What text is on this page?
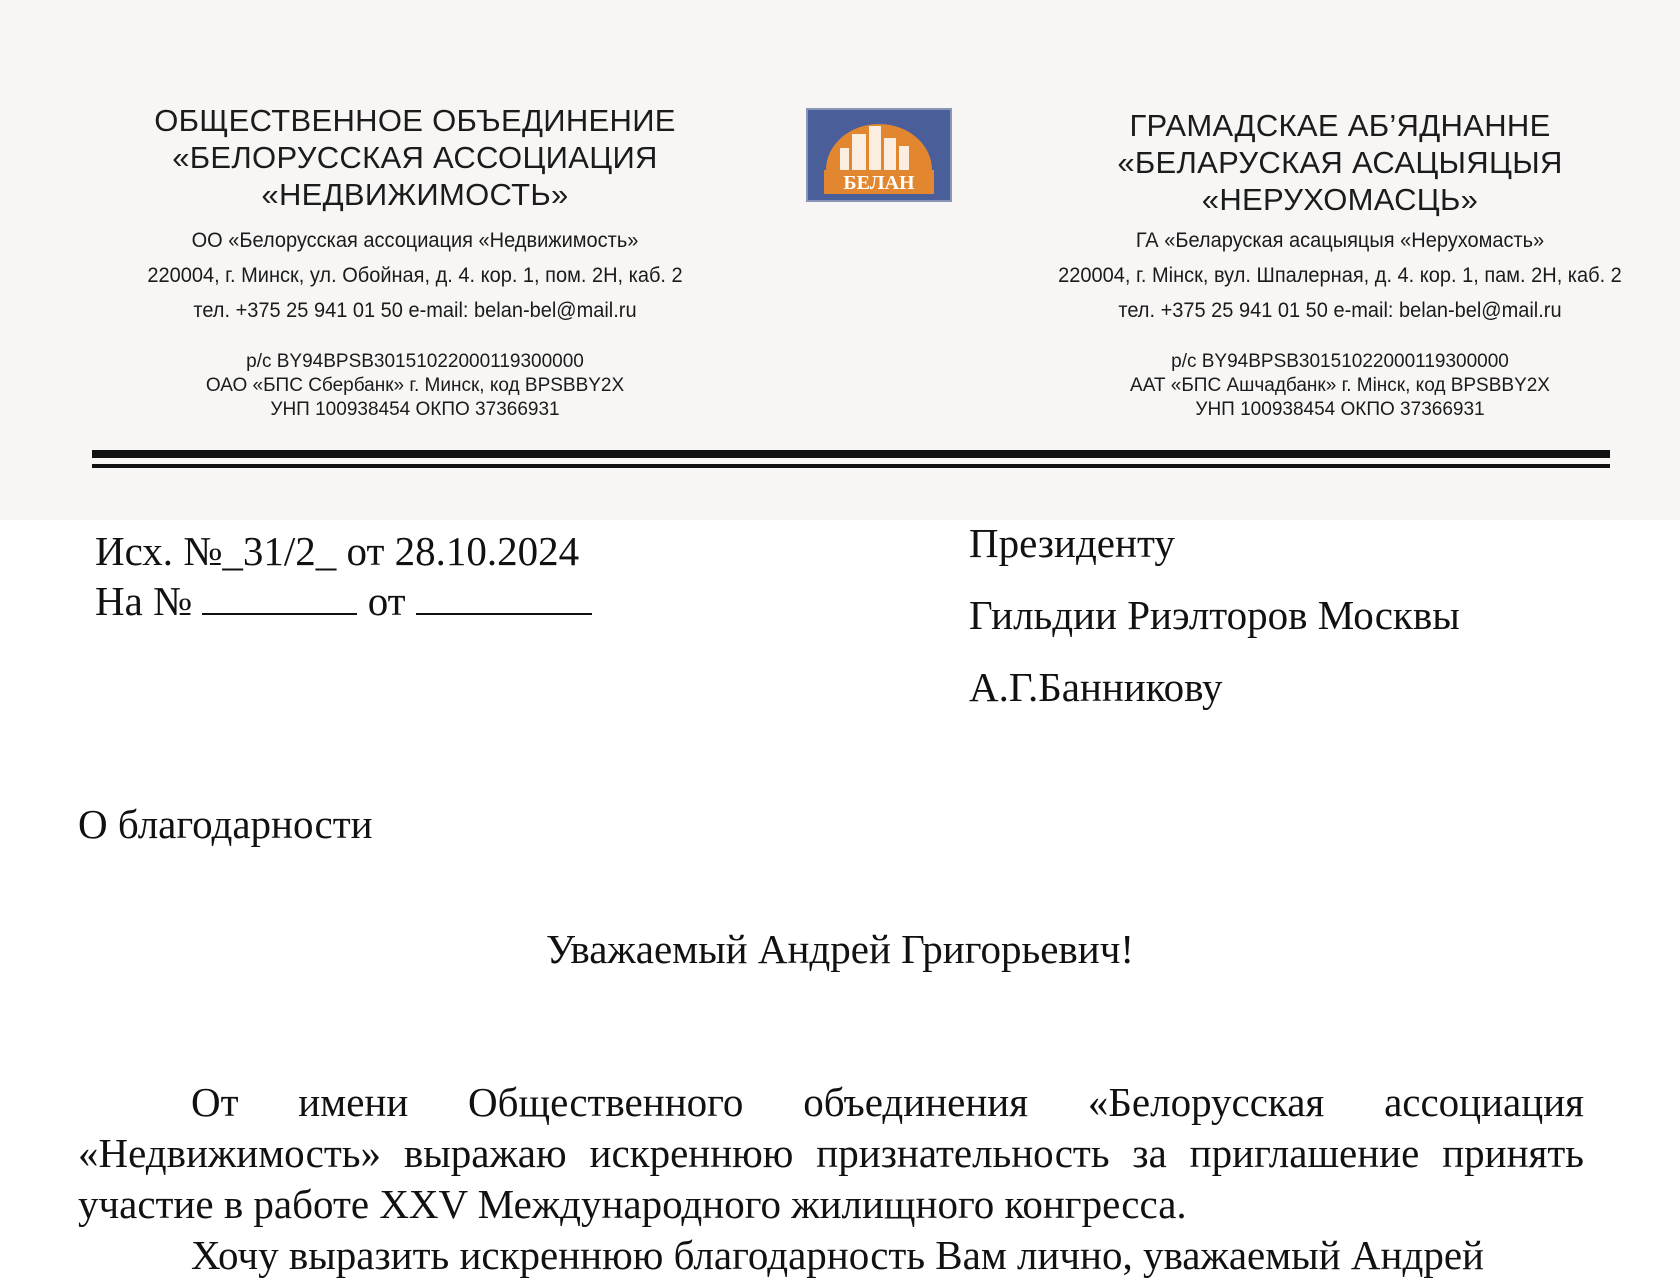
ОБЩЕСТВЕННОЕ ОБЪЕДИНЕНИЕ
«БЕЛОРУССКАЯ АССОЦИАЦИЯ
«НЕДВИЖИМОСТЬ»
ОО «Белорусская ассоциация «Недвижимость»
220004, г. Минск, ул. Обойная, д. 4. кор. 1, пом. 2Н, каб. 2
тел. +375 25 941 01 50 e-mail: belan-bel@mail.ru
р/с BY94BPSB30151022000119300000
ОАО «БПС Сбербанк» г. Минск, код BPSBBY2X
УНП 100938454 ОКПО 37366931
БЕЛАН
ГРАМАДСКАЕ АБ’ЯДНАННЕ
«БЕЛАРУСКАЯ АСАЦЫЯЦЫЯ
«НЕРУХОМАСЦЬ»
ГА «Беларуская асацыяцыя «Нерухомасть»
220004, г. Мінск, вул. Шпалерная, д. 4. кор. 1, пам. 2Н, каб. 2
тел. +375 25 941 01 50 e-mail: belan-bel@mail.ru
р/с BY94BPSB30151022000119300000
ААТ «БПС Ашчадбанк» г. Мінск, код BPSBBY2X
УНП 100938454 ОКПО 37366931
Исх. №_31/2_ от 28.10.2024
На №	от
Президенту
Гильдии Риэлторов Москвы
А.Г.Банникову
О благодарности
Уважаемый Андрей Григорьевич!

От имени Общественного объединения «Белорусская ассоциация «Недвижимость» выражаю искреннюю признательность за приглашение принять участие в работе XXV Международного жилищного конгресса.

Хочу выразить искреннюю благодарность Вам лично, уважаемый Андрей
